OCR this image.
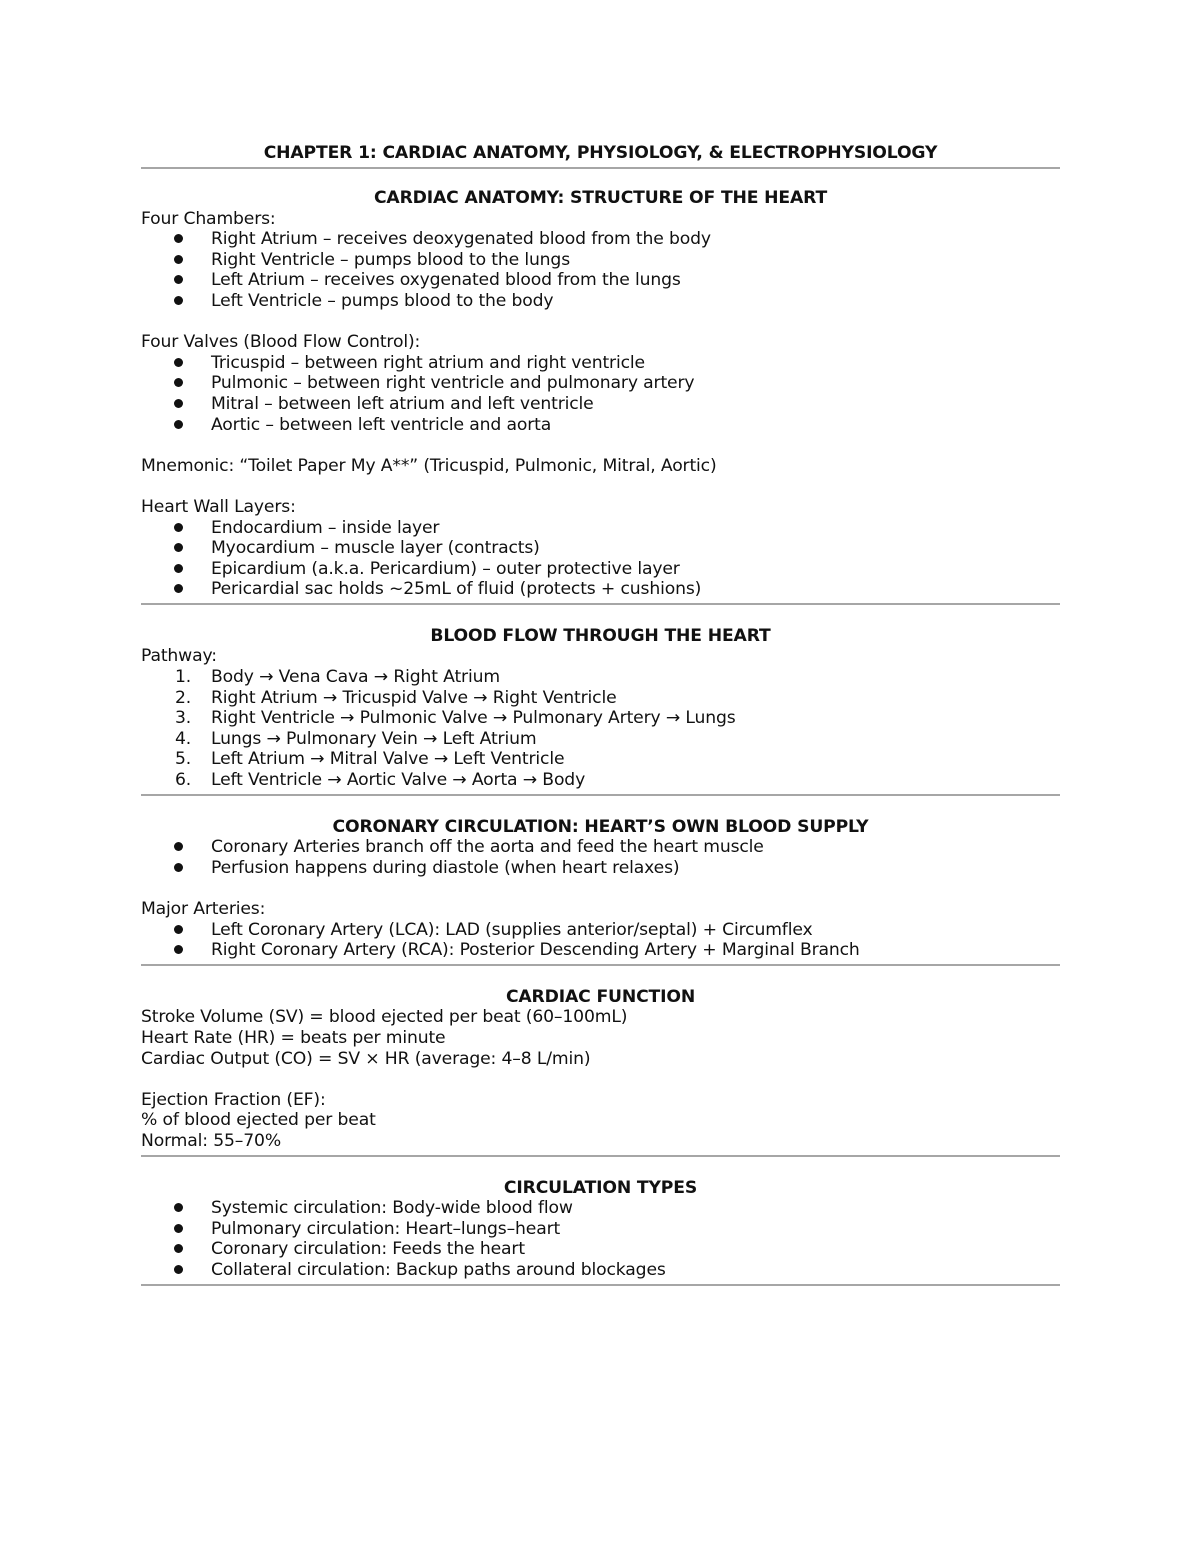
CHAPTER 1: CARDIAC ANATOMY, PHYSIOLOGY, & ELECTROPHYSIOLOGY
CARDIAC ANATOMY: STRUCTURE OF THE HEART
Four Chambers:
Right Atrium – receives deoxygenated blood from the body
Right Ventricle – pumps blood to the lungs
Left Atrium – receives oxygenated blood from the lungs
Left Ventricle – pumps blood to the body
Four Valves (Blood Flow Control):
Tricuspid – between right atrium and right ventricle
Pulmonic – between right ventricle and pulmonary artery
Mitral – between left atrium and left ventricle
Aortic – between left ventricle and aorta
Mnemonic: “Toilet Paper My A**” (Tricuspid, Pulmonic, Mitral, Aortic)
Heart Wall Layers:
Endocardium – inside layer
Myocardium – muscle layer (contracts)
Epicardium (a.k.a. Pericardium) – outer protective layer
Pericardial sac holds ~25mL of fluid (protects + cushions)
BLOOD FLOW THROUGH THE HEART
Pathway:
1. Body → Vena Cava → Right Atrium
2. Right Atrium → Tricuspid Valve → Right Ventricle
3. Right Ventricle → Pulmonic Valve → Pulmonary Artery → Lungs
4. Lungs → Pulmonary Vein → Left Atrium
5. Left Atrium → Mitral Valve → Left Ventricle
6. Left Ventricle → Aortic Valve → Aorta → Body
CORONARY CIRCULATION: HEART’S OWN BLOOD SUPPLY
Coronary Arteries branch off the aorta and feed the heart muscle
Perfusion happens during diastole (when heart relaxes)
Major Arteries:
Left Coronary Artery (LCA): LAD (supplies anterior/septal) + Circumflex
Right Coronary Artery (RCA): Posterior Descending Artery + Marginal Branch
CARDIAC FUNCTION
Stroke Volume (SV) = blood ejected per beat (60–100mL)
Heart Rate (HR) = beats per minute
Cardiac Output (CO) = SV × HR (average: 4–8 L/min)
Ejection Fraction (EF):
% of blood ejected per beat
Normal: 55–70%
CIRCULATION TYPES
Systemic circulation: Body-wide blood flow
Pulmonary circulation: Heart–lungs–heart
Coronary circulation: Feeds the heart
Collateral circulation: Backup paths around blockages
